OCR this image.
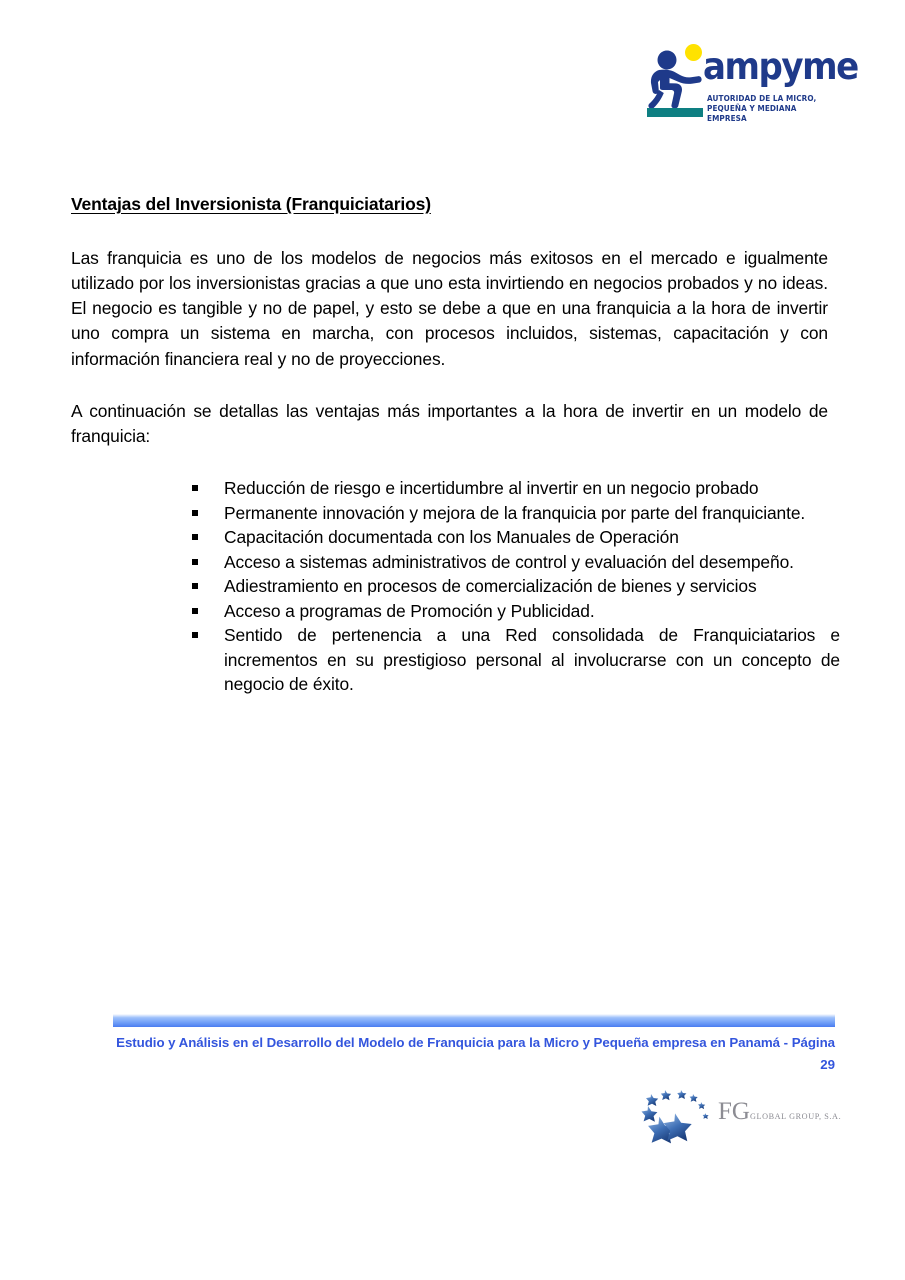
ampyme
AUTORIDAD DE LA MICRO,
PEQUEÑA Y MEDIANA EMPRESA
Ventajas del Inversionista (Franquiciatarios)

Las franquicia es uno de los modelos de negocios más exitosos en el mercado e igualmente utilizado por los inversionistas gracias a que uno esta invirtiendo en negocios probados y no ideas. El negocio es tangible y no de papel, y esto se debe a que en una franquicia a la hora de invertir uno compra un sistema en marcha, con procesos incluidos, sistemas, capacitación y con información financiera real y no de proyecciones.

A continuación se detallas las ventajas más importantes a la hora de invertir en un modelo de franquicia:

Reducción de riesgo e incertidumbre al invertir en un negocio probado
Permanente innovación y mejora de la franquicia por parte del franquiciante.
Capacitación documentada con los Manuales de Operación
Acceso a sistemas administrativos de control y evaluación del desempeño.
Adiestramiento en procesos de comercialización de bienes y servicios
Acceso a programas de Promoción y Publicidad.
Sentido de pertenencia a una Red consolidada de Franquiciatarios e incrementos en su prestigioso personal al involucrarse con un concepto de negocio de éxito.
Estudio y Análisis en el Desarrollo del Modelo de Franquicia para la Micro y Pequeña empresa en Panamá - Página 29
FGGLOBAL GROUP, S.A.
